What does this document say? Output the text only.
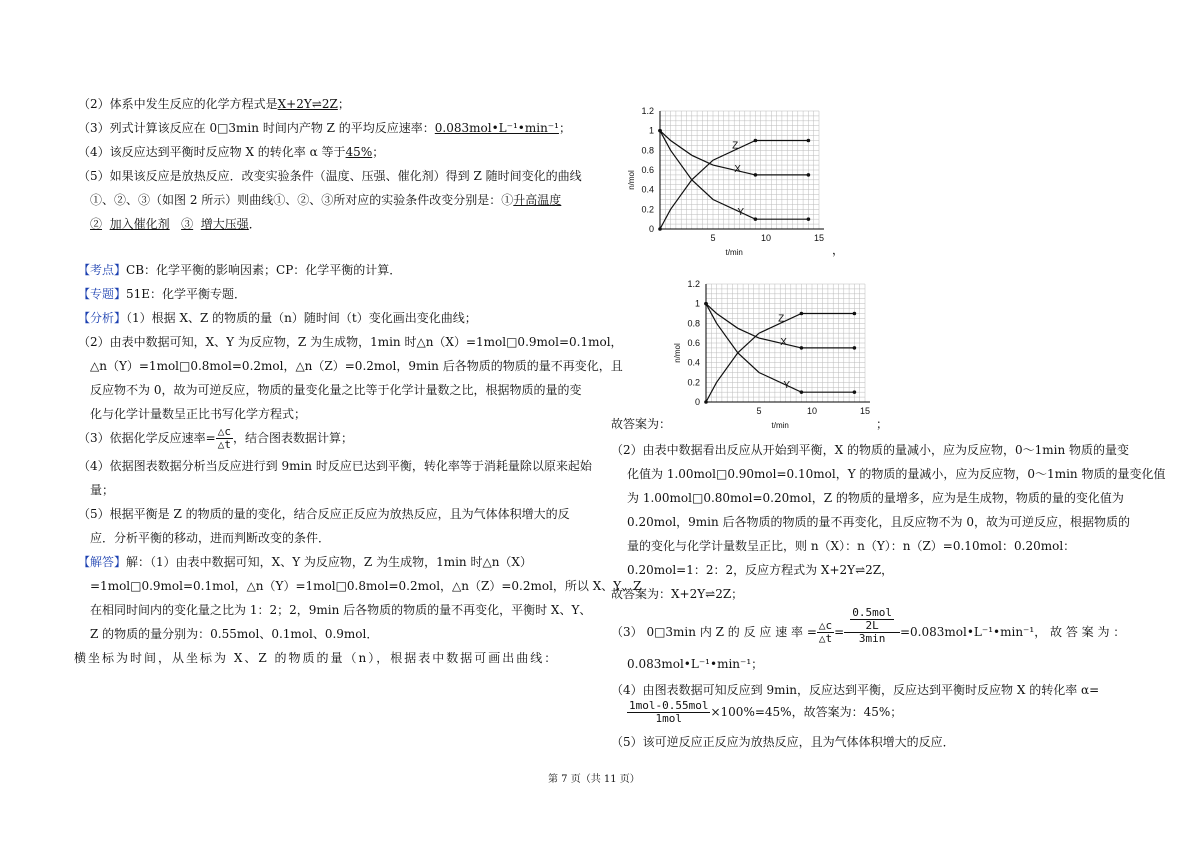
（2）体系中发生反应的化学方程式是X+2Y⇌2Z；
（3）列式计算该反应在 0□3min 时间内产物 Z 的平均反应速率：0.083mol•L⁻¹•min⁻¹；
（4）该反应达到平衡时反应物 X 的转化率 α 等于45%；
（5）如果该反应是放热反应．改变实验条件（温度、压强、催化剂）得到 Z 随时间变化的曲线
①、②、③（如图 2 所示）则曲线①、②、③所对应的实验条件改变分别是：①升高温度
② 加入催化剂 ③ 增大压强．
【考点】CB：化学平衡的影响因素；CP：化学平衡的计算．
【专题】51E：化学平衡专题．
【分析】（1）根据 X、Z 的物质的量（n）随时间（t）变化画出变化曲线；
（2）由表中数据可知，X、Y 为反应物，Z 为生成物，1min 时△n（X）=1mol□0.9mol=0.1mol，
△n（Y）=1mol□0.8mol=0.2mol，△n（Z）=0.2mol，9min 后各物质的物质的量不再变化，且
反应物不为 0，故为可逆反应，物质的量变化量之比等于化学计量数之比，根据物质的量的变
化与化学计量数呈正比书写化学方程式；
（3）依据化学反应速率= $\frac{\triangle c}{\triangle t}$ ，结合图表数据计算；
（4）依据图表数据分析当反应进行到 9min 时反应已达到平衡，转化率等于消耗量除以原来起始
量；
（5）根据平衡是 Z 的物质的量的变化，结合反应正反应为放热反应，且为气体体积增大的反
应．分析平衡的移动，进而判断改变的条件．
【解答】解：（1）由表中数据可知，X、Y 为反应物，Z 为生成物，1min 时△n（X）
=1mol□0.9mol=0.1mol，△n（Y）=1mol□0.8mol=0.2mol，△n（Z）=0.2mol，所以 X、Y、Z
在相同时间内的变化量之比为 1：2；2，9min 后各物质的物质的量不再变化，平衡时 X、Y、
Z 的物质的量分别为：0.55mol、0.1mol、0.9mol．
横坐标为时间，从坐标为 X、Z 的物质的量（n），根据表中数据可画出曲线：
0
0.2
0.4
0.6
0.8
1
1.2
5	10	15
t/min
n/mol
X
Y
Z
，
0
0.2
0.4
0.6
0.8
1
1.2
5	10	15
t/min
n/mol
X
Y
Z
故答案为：	；
（2）由表中数据看出反应从开始到平衡，X 的物质的量减小，应为反应物，0～1min 物质的量变
化值为 1.00mol□0.90mol=0.10mol，Y 的物质的量减小，应为反应物，0～1min 物质的量变化值
为 1.00mol□0.80mol=0.20mol，Z 的物质的量增多，应为是生成物，物质的量的变化值为
0.20mol，9min 后各物质的物质的量不再变化，且反应物不为 0，故为可逆反应，根据物质的
量的变化与化学计量数呈正比，则 n（X）：n（Y）：n（Z）=0.10mol：0.20mol：
0.20mol=1：2：2，反应方程式为 X+2Y⇌2Z，
故答案为：X+2Y⇌2Z；
（3） 0□3min 内 Z 的 反 应 速 率 = $\frac{\triangle c}{\triangle t}$ =
0.5mol
2L
3min	=0.083mol•L⁻¹•min⁻¹， 故 答 案 为 ：
0.083mol•L⁻¹•min⁻¹；
（4）由图表数据可知反应到 9min，反应达到平衡，反应达到平衡时反应物 X 的转化率 α=
1mol-0.55mol
1mol	×100%=45%，故答案为：45%；
（5）该可逆反应正反应为放热反应，且为气体体积增大的反应．
第 7 页（共 11 页）
